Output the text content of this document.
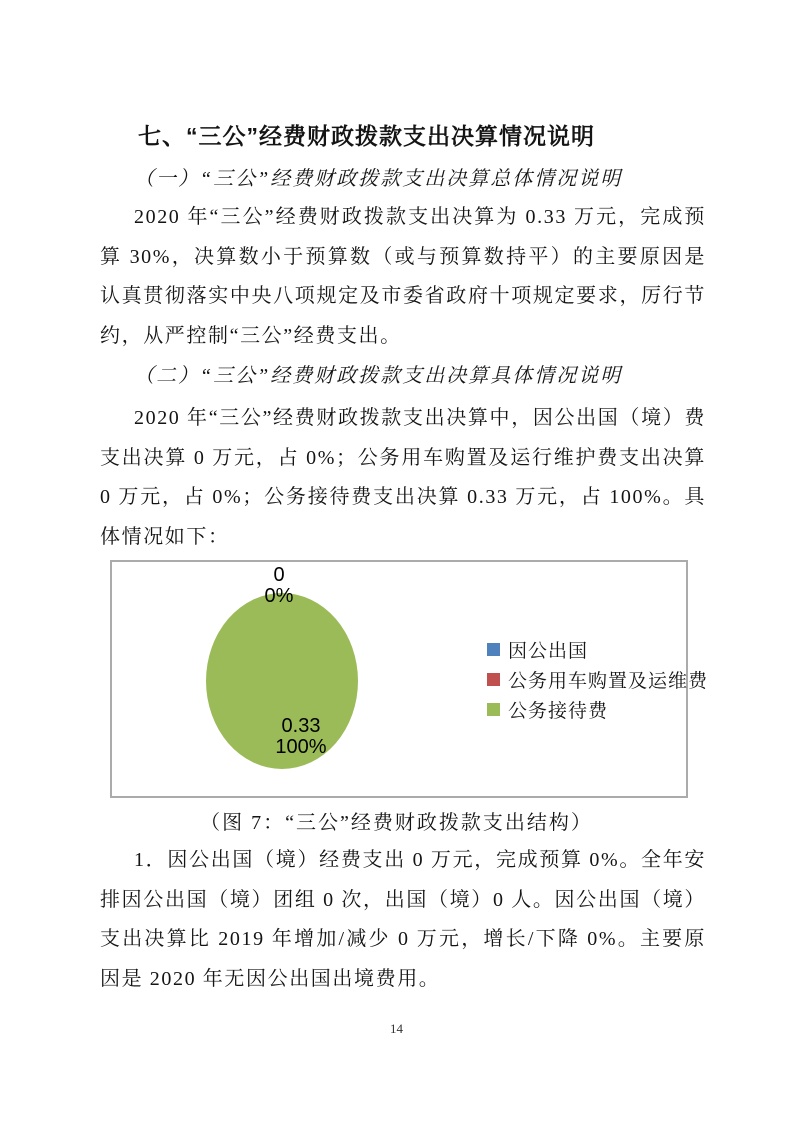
七、“三公”经费财政拨款支出决算情况说明
（一）“三公”经费财政拨款支出决算总体情况说明
2020 年“三公”经费财政拨款支出决算为 0.33 万元，完成预算 30%，决算数小于预算数（或与预算数持平）的主要原因是认真贯彻落实中央八项规定及市委省政府十项规定要求，厉行节约，从严控制“三公”经费支出。
（二）“三公”经费财政拨款支出决算具体情况说明
2020 年“三公”经费财政拨款支出决算中，因公出国（境）费支出决算 0 万元，占 0%；公务用车购置及运行维护费支出决算 0 万元，占 0%；公务接待费支出决算 0.33 万元，占 100%。具体情况如下：
0
0%
0.33
100%
因公出国
公务用车购置及运维费
公务接待费
（图 7：“三公”经费财政拨款支出结构）
1．因公出国（境）经费支出 0 万元，完成预算 0%。全年安排因公出国（境）团组 0 次，出国（境）0 人。因公出国（境）支出决算比 2019 年增加/减少 0 万元，增长/下降 0%。主要原因是 2020 年无因公出国出境费用。
14
